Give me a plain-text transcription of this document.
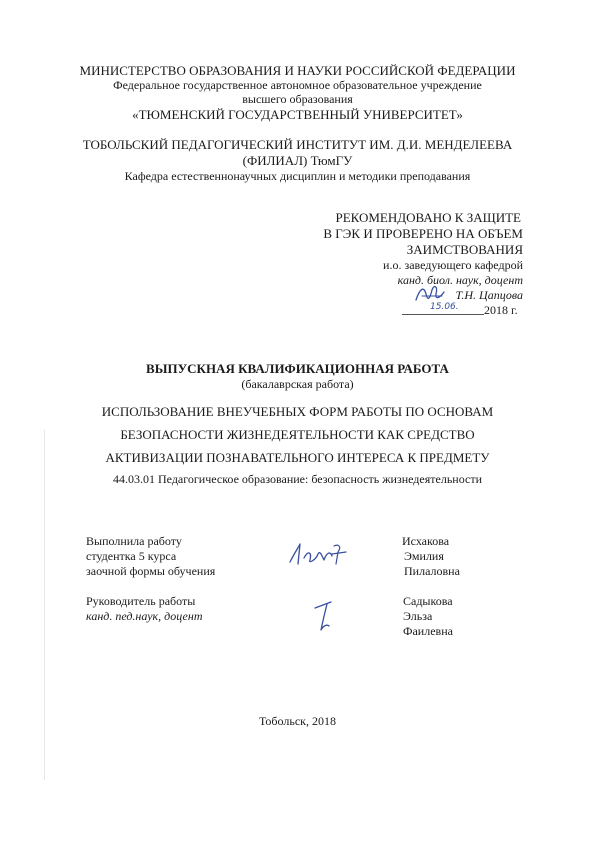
МИНИСТЕРСТВО ОБРАЗОВАНИЯ И НАУКИ РОССИЙСКОЙ ФЕДЕРАЦИИ
Федеральное государственное автономное образовательное учреждение
высшего образования
«ТЮМЕНСКИЙ ГОСУДАРСТВЕННЫЙ УНИВЕРСИТЕТ»
ТОБОЛЬСКИЙ ПЕДАГОГИЧЕСКИЙ ИНСТИТУТ ИМ. Д.И. МЕНДЕЛЕЕВА
(ФИЛИАЛ) ТюмГУ
Кафедра естественнонаучных дисциплин и методики преподавания
РЕКОМЕНДОВАНО К ЗАЩИТЕ
В ГЭК И ПРОВЕРЕНО НА ОБЪЕМ
ЗАИМСТВОВАНИЯ
и.о. заведующего кафедрой
канд. биол. наук, доцент
Т.Н. Цапцова
15.06. 2018 г.
ВЫПУСКНАЯ КВАЛИФИКАЦИОННАЯ РАБОТА
(бакалаврская работа)
ИСПОЛЬЗОВАНИЕ ВНЕУЧЕБНЫХ ФОРМ РАБОТЫ ПО ОСНОВАМ
БЕЗОПАСНОСТИ ЖИЗНЕДЕЯТЕЛЬНОСТИ КАК СРЕДСТВО
АКТИВИЗАЦИИ ПОЗНАВАТЕЛЬНОГО ИНТЕРЕСА К ПРЕДМЕТУ
44.03.01 Педагогическое образование: безопасность жизнедеятельности
Выполнила работу
студентка 5 курса
заочной формы обучения
Исхакова
Эмилия
Пилаловна
Руководитель работы
канд. пед.наук, доцент
Садыкова
Эльза
Фаилевна
Тобольск, 2018
